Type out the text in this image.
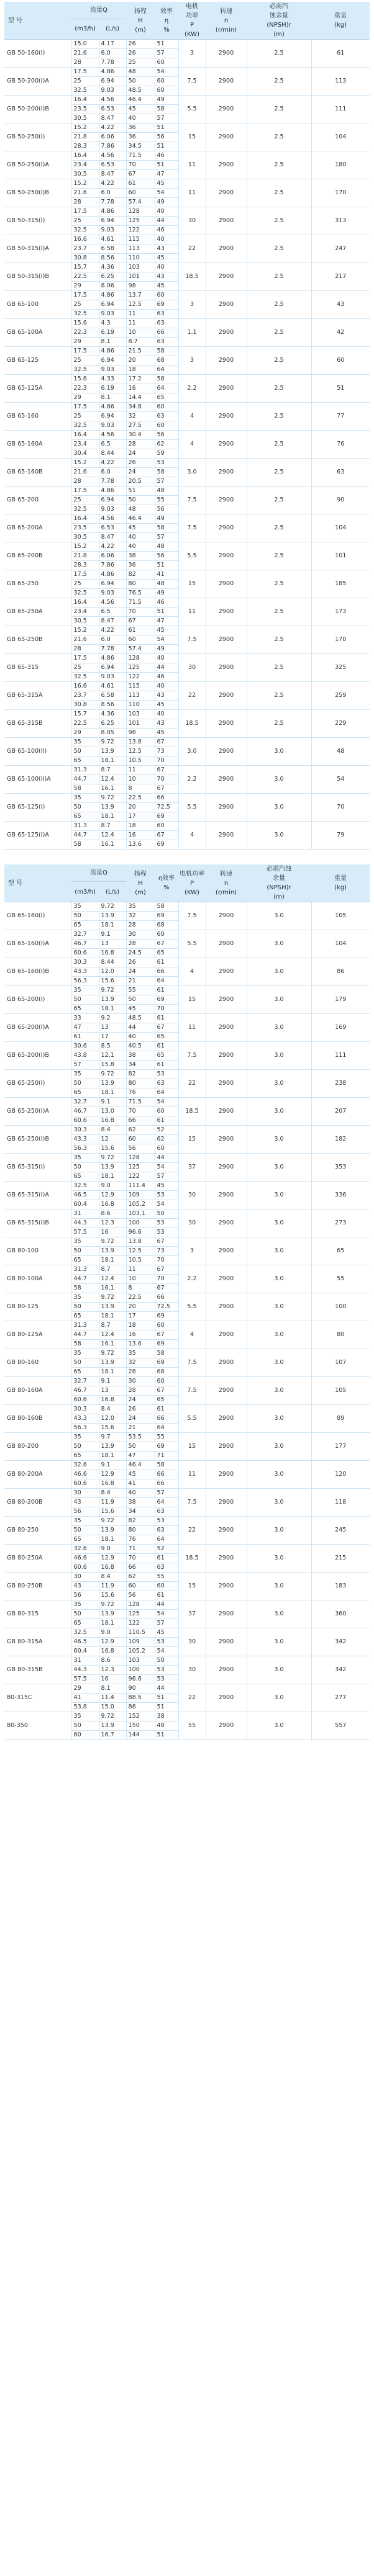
型 号	流量Q		扬程
H
(m)	效率
η
%	电机
功率
P
(KW)	转速
n
(r/min)	必需汽
蚀余量
(NPSH)r
(m)	重量
(kg)
	(m3/h)	(L/s)						
GB 50-160(I)	15.0	4.17	26	51	3	2900	2.5	61
	21.6	6.0	26	57				
	28	7.78	25	60				
GB 50-200(I)A	17.5	4.86	48	54	7.5	2900	2.5	113
	25	6.94	50	60				
	32.5	9.03	48.5	60				
GB 50-200(I)B	16.4	4.56	46.4	49	5.5	2900	2.5	111
	23.5	6.53	45	58				
	30.5	8.47	40	57				
GB 50-250(I)	15.2	4.22	36	51	15	2900	2.5	104
	21.8	6.06	36	56				
	28.3	7.86	34.5	51				
GB 50-250(I)A	16.4	4.56	71.5	46	11	2900	2.5	180
	23.4	6.53	70	51				
	30.5	8.47	67	47				
GB 50-250(I)B	15.2	4.22	61	45	11	2900	2.5	170
	21.6	6.0	60	54				
	28	7.78	57.4	49				
GB 50-315(I)	17.5	4.86	128	40	30	2900	2.5	313
	25	6.94	125	44				
	32.5	9.03	122	46				
GB 50-315(I)A	16.6	4.61	115	40	22	2900	2.5	247
	23.7	6.58	113	43				
	30.8	8.56	110	45				
GB 50-315(I)B	15.7	4.36	103	40	18.5	2900	2.5	217
	22.5	6.25	101	43				
	29	8.06	98	45				
GB 65-100	17.5	4.86	13.7	60	3	2900	2.5	43
	25	6.94	12.5	69				
	32.5	9.03	11	63				
GB 65-100A	15.6	4.3	11	63	1.1	2900	2.5	42
	22.3	6.19	10	66				
	29	8.1	8.7	63				
GB 65-125	17.5	4.86	21.5	58	3	2900	2.5	60
	25	6.94	20	68				
	32.5	9.03	18	64				
GB 65-125A	15.6	4.33	17.2	58	2.2	2900	2.5	51
	22.3	6.19	16	64				
	29	8.1	14.4	65				
GB 65-160	17.5	4.86	34.8	60	4	2900	2.5	77
	25	6.94	32	63				
	32.5	9.03	27.5	60				
GB 65-160A	16.4	4.56	30.4	56	4	2900	2.5	76
	23.4	6.5	28	62				
	30.4	8.44	24	59				
GB 65-160B	15.2	4.22	26	53	3.0	2900	2.5	63
	21.6	6.0	24	58				
	28	7.78	20.5	57				
GB 65-200	17.5	4.86	51	48	7.5	2900	2.5	90
	25	6.94	50	55				
	32.5	9.03	48	56				
GB 65-200A	16.4	4.56	46.4	49	7.5	2900	2.5	104
	23.5	6.53	45	58				
	30.5	8.47	40	57				
GB 65-200B	15.2	4.22	40	48	5.5	2900	2.5	101
	21.8	6.06	38	56				
	28.3	7.86	36	51				
GB 65-250	17.5	4.86	82	41	15	2900	2.5	185
	25	6.94	80	48				
	32.5	9.03	76.5	49				
GB 65-250A	16.4	4.56	71.5	46	11	2900	2.5	173
	23.4	6.5	70	51				
	30.5	8.47	67	47				
GB 65-250B	15.2	4.22	61	45	7.5	2900	2.5	170
	21.6	6.0	60	54				
	28	7.78	57.4	49				
GB 65-315	17.5	4.86	128	40	30	2900	2.5	325
	25	6.94	125	44				
	32.5	9.03	122	46				
GB 65-315A	16.6	4.61	115	40	22	2900	2.5	259
	23.7	6.58	113	43				
	30.8	8.56	110	45				
GB 65-315B	15.7	4.36	103	40	18.5	2900	2.5	229
	22.5	6.25	101	43				
	29	8.05	98	45				
GB 65-100(II)	35	9.72	13.8	67	3.0	2900	3.0	48
	50	13.9	12.5	73				
	65	18.1	10.5	70				
GB 65-100(II)A	31.3	8.7	11	67	2.2	2900	3.0	54
	44.7	12.4	10	70				
	58	16.1	8	67				
GB 65-125(I)	35	9.72	22.5	66	5.5	2900	3.0	70
	50	13.9	20	72.5				
	65	18.1	17	69				
GB 65-125(I)A	31.3	8.7	18	60	4	2900	3.0	79
	44.7	12.4	16	67				
	58	16.1	13.6	69				
型 号	流量Q		扬程
H
(m)	η效率
%	电机功率
P
(KW)	转速
n
(r/min)	必需汽蚀
余量
(NPSH)r
(m)	重量
(kg)
	(m3/h)	(L/s)						
GB 65-160(I)	35	9.72	35	58	7.5	2900	3.0	105
	50	13.9	32	69				
	65	18.1	28	68				
GB 65-160(I)A	32.7	9.1	30	60	5.5	2900	3.0	104
	46.7	13	28	67				
	60.6	16.8	24.5	65				
GB 65-160(I)B	30.3	8.44	26	61	4	2900	3.0	86
	43.3	12.0	24	66				
	56.3	15.6	21	64				
GB 65-200(I)	35	9.72	55	61	15	2900	3.0	179
	50	13.9	50	69				
	65	18.1	45	70				
GB 65-200(I)A	33	9.2	48.5	61	11	2900	3.0	169
	47	13	44	67				
	61	17	40	65				
GB 65-200(I)B	30.6	8.5	40.5	61	7.5	2900	3.0	111
	43.8	12.1	38	65				
	57	15.8	34	61				
GB 65-250(I)	35	9.72	82	53	22	2900	3.0	238
	50	13.9	80	63				
	65	18.1	76	64				
GB 65-250(I)A	32.7	9.1	71.5	54	18.5	2900	3.0	207
	46.7	13.0	70	60				
	60.6	16.8	66	61				
GB 65-250(I)B	30.3	8.4	62	52	15	2900	3.0	182
	43.3	12	60	62				
	56.3	15.6	56	60				
GB 65-315(I)	35	9.72	128	44	37	2900	3.0	353
	50	13.9	125	54				
	65	18.1	122	57				
GB 65-315(I)A	32.5	9.0	111.4	45	30	2900	3.0	336
	46.5	12.9	109	53				
	60.4	16.8	105.2	54				
GB 65-315(I)B	31	8.6	103.1	50	30	2900	3.0	273
	44.3	12.3	100	53				
	57.5	16	96.6	53				
GB 80-100	35	9.72	13.8	67	3	2900	3.0	65
	50	13.9	12.5	73				
	65	18.1	10.5	70				
GB 80-100A	31.3	8.7	11	67	2.2	2900	3.0	55
	44.7	12.4	10	70				
	58	16.1	8	67				
GB 80-125	35	9.72	22.5	66	5.5	2900	3.0	100
	50	13.9	20	72.5				
	65	18.1	17	69				
GB 80-125A	31.3	8.7	18	60	4	2900	3.0	80
	44.7	12.4	16	67				
	58	16.1	13.6	69				
GB 80-160	35	9.72	35	58	7.5	2900	3.0	107
	50	13.9	32	69				
	65	18.1	28	68				
GB 80-160A	32.7	9.1	30	60	7.5	2900	3.0	105
	46.7	13	28	67				
	60.6	16.8	24	65				
GB 80-160B	30.3	8.4	26	61	5.5	2900	3.0	89
	43.3	12.0	24	66				
	56.3	15.6	21	64				
GB 80-200	35	9.7	53.5	55	15	2900	3.0	177
	50	13.9	50	69				
	65	18.1	47	71				
GB 80-200A	32.6	9.1	46.4	58	11	2900	3.0	120
	46.6	12.9	45	66				
	60.6	16.8	41	66				
GB 80-200B	30	8.4	40	57	7.5	2900	3.0	118
	43	11.9	38	64				
	56	15.6	34	63				
GB 80-250	35	9.72	82	53	22	2900	3.0	245
	50	13.9	80	63				
	65	18.1	76	64				
GB 80-250A	32.6	9.0	71	52	18.5	2900	3.0	215
	46.6	12.9	70	61				
	60.6	16.8	66	63				
GB 80-250B	30	8.4	62	55	15	2900	3.0	183
	43	11.9	60	60				
	56	15.6	56	61				
GB 80-315	35	9.72	128	44	37	2900	3.0	360
	50	13.9	125	54				
	65	18.1	122	57				
GB 80-315A	32.5	9.0	110.5	45	30	2900	3.0	342
	46.5	12.9	109	53				
	60.4	16.8	105.2	54				
GB 80-315B	31	8.6	103	50	30	2900	3.0	342
	44.3	12.3	100	53				
	57.5	16	96.6	53				
80-315C	29	8.1	90	44	22	2900	3.0	277
	41	11.4	88.5	51				
	53.8	15.0	86	51				
80-350	35	9.72	152	38	55	2900	3.0	557
	50	13.9	150	48				
	60	16.7	144	51				
